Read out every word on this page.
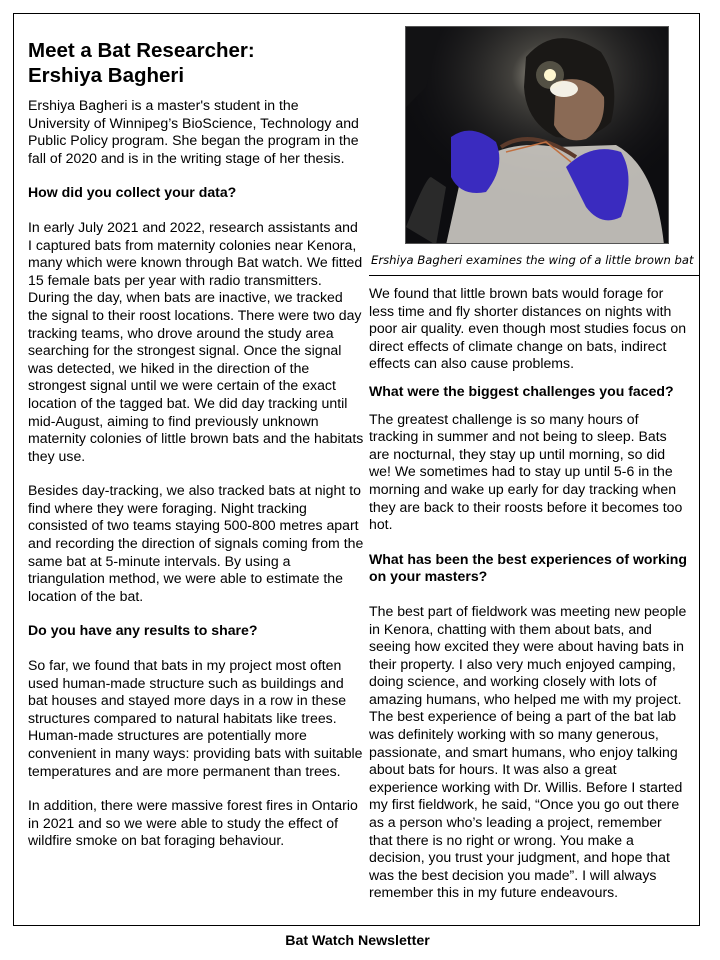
Meet a Bat Researcher:
Ershiya Bagheri

Ershiya Bagheri is a master's student in the University of Winnipeg’s BioScience, Technology and Public Policy program. She began the program in the fall of 2020 and is in the writing stage of her thesis.

How did you collect your data?

In early July 2021 and 2022, research assistants and I captured bats from maternity colonies near Kenora, many which were known through Bat watch. We fitted 15 female bats per year with radio transmitters. During the day, when bats are inactive, we tracked the signal to their roost locations. There were two day tracking teams, who drove around the study area searching for the strongest signal. Once the signal was detected, we hiked in the direction of the strongest signal until we were certain of the exact location of the tagged bat. We did day tracking until mid-August, aiming to find previously unknown maternity colonies of little brown bats and the habitats they use.

Besides day-tracking, we also tracked bats at night to find where they were foraging. Night tracking consisted of two teams staying 500-800 metres apart and recording the direction of signals coming from the same bat at 5-minute intervals. By using a triangulation method, we were able to estimate the location of the bat.

Do you have any results to share?

So far, we found that bats in my project most often used human-made structure such as buildings and bat houses and stayed more days in a row in these structures compared to natural habitats like trees. Human-made structures are potentially more convenient in many ways: providing bats with suitable temperatures and are more permanent than trees.

In addition, there were massive forest fires in Ontario in 2021 and so we were able to study the effect of wildfire smoke on bat foraging behaviour.

Ershiya Bagheri examines the wing of a little brown bat

We found that little brown bats would forage for less time and fly shorter distances on nights with poor air quality. even though most studies focus on direct effects of climate change on bats, indirect effects can also cause problems.

What were the biggest challenges you faced?

The greatest challenge is so many hours of tracking in summer and not being to sleep. Bats are nocturnal, they stay up until morning, so did we! We sometimes had to stay up until 5-6 in the morning and wake up early for day tracking when they are back to their roosts before it becomes too hot.

What has been the best experiences of working on your masters?

The best part of fieldwork was meeting new people in Kenora, chatting with them about bats, and seeing how excited they were about having bats in their property. I also very much enjoyed camping, doing science, and working closely with lots of amazing humans, who helped me with my project. The best experience of being a part of the bat lab was definitely working with so many generous, passionate, and smart humans, who enjoy talking about bats for hours. It was also a great experience working with Dr. Willis. Before I started my first fieldwork, he said, “Once you go out there as a person who’s leading a project, remember that there is no right or wrong. You make a decision, you trust your judgment, and hope that was the best decision you made”. I will always remember this in my future endeavours.

Bat Watch Newsletter
